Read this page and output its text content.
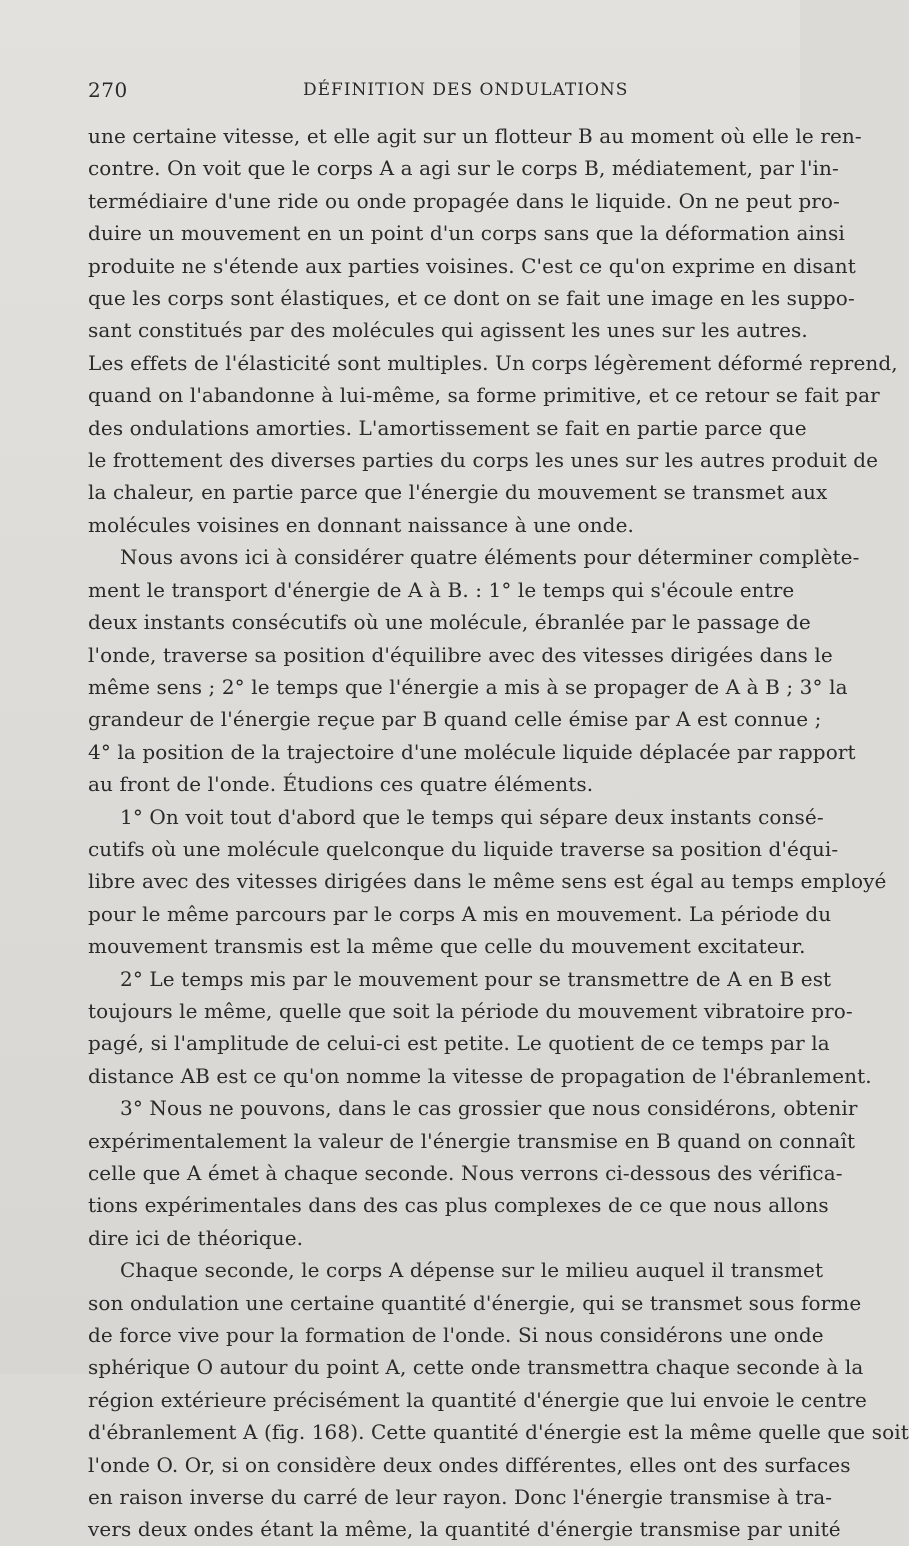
270	DÉFINITION DES ONDULATIONS

une certaine vitesse, et elle agit sur un flotteur B au moment où elle le ren-

contre. On voit que le corps A a agi sur le corps B, médiatement, par l'in-

termédiaire d'une ride ou onde propagée dans le liquide. On ne peut pro-

duire un mouvement en un point d'un corps sans que la déformation ainsi

produite ne s'étende aux parties voisines. C'est ce qu'on exprime en disant

que les corps sont élastiques, et ce dont on se fait une image en les suppo-

sant constitués par des molécules qui agissent les unes sur les autres.

Les effets de l'élasticité sont multiples. Un corps légèrement déformé reprend,

quand on l'abandonne à lui-même, sa forme primitive, et ce retour se fait par

des ondulations amorties. L'amortissement se fait en partie parce que

le frottement des diverses parties du corps les unes sur les autres produit de

la chaleur, en partie parce que l'énergie du mouvement se transmet aux

molécules voisines en donnant naissance à une onde.

Nous avons ici à considérer quatre éléments pour déterminer complète-

ment le transport d'énergie de A à B. : 1° le temps qui s'écoule entre

deux instants consécutifs où une molécule, ébranlée par le passage de

l'onde, traverse sa position d'équilibre avec des vitesses dirigées dans le

même sens ; 2° le temps que l'énergie a mis à se propager de A à B ; 3° la

grandeur de l'énergie reçue par B quand celle émise par A est connue ;

4° la position de la trajectoire d'une molécule liquide déplacée par rapport

au front de l'onde. Étudions ces quatre éléments.

1° On voit tout d'abord que le temps qui sépare deux instants consé-

cutifs où une molécule quelconque du liquide traverse sa position d'équi-

libre avec des vitesses dirigées dans le même sens est égal au temps employé

pour le même parcours par le corps A mis en mouvement. La période du

mouvement transmis est la même que celle du mouvement excitateur.

2° Le temps mis par le mouvement pour se transmettre de A en B est

toujours le même, quelle que soit la période du mouvement vibratoire pro-

pagé, si l'amplitude de celui-ci est petite. Le quotient de ce temps par la

distance AB est ce qu'on nomme la vitesse de propagation de l'ébranlement.

3° Nous ne pouvons, dans le cas grossier que nous considérons, obtenir

expérimentalement la valeur de l'énergie transmise en B quand on connaît

celle que A émet à chaque seconde. Nous verrons ci-dessous des vérifica-

tions expérimentales dans des cas plus complexes de ce que nous allons

dire ici de théorique.

Chaque seconde, le corps A dépense sur le milieu auquel il transmet

son ondulation une certaine quantité d'énergie, qui se transmet sous forme

de force vive pour la formation de l'onde. Si nous considérons une onde

sphérique O autour du point A, cette onde transmettra chaque seconde à la

région extérieure précisément la quantité d'énergie que lui envoie le centre

d'ébranlement A (fig. 168). Cette quantité d'énergie est la même quelle que soit

l'onde O. Or, si on considère deux ondes différentes, elles ont des surfaces

en raison inverse du carré de leur rayon. Donc l'énergie transmise à tra-

vers deux ondes étant la même, la quantité d'énergie transmise par unité
